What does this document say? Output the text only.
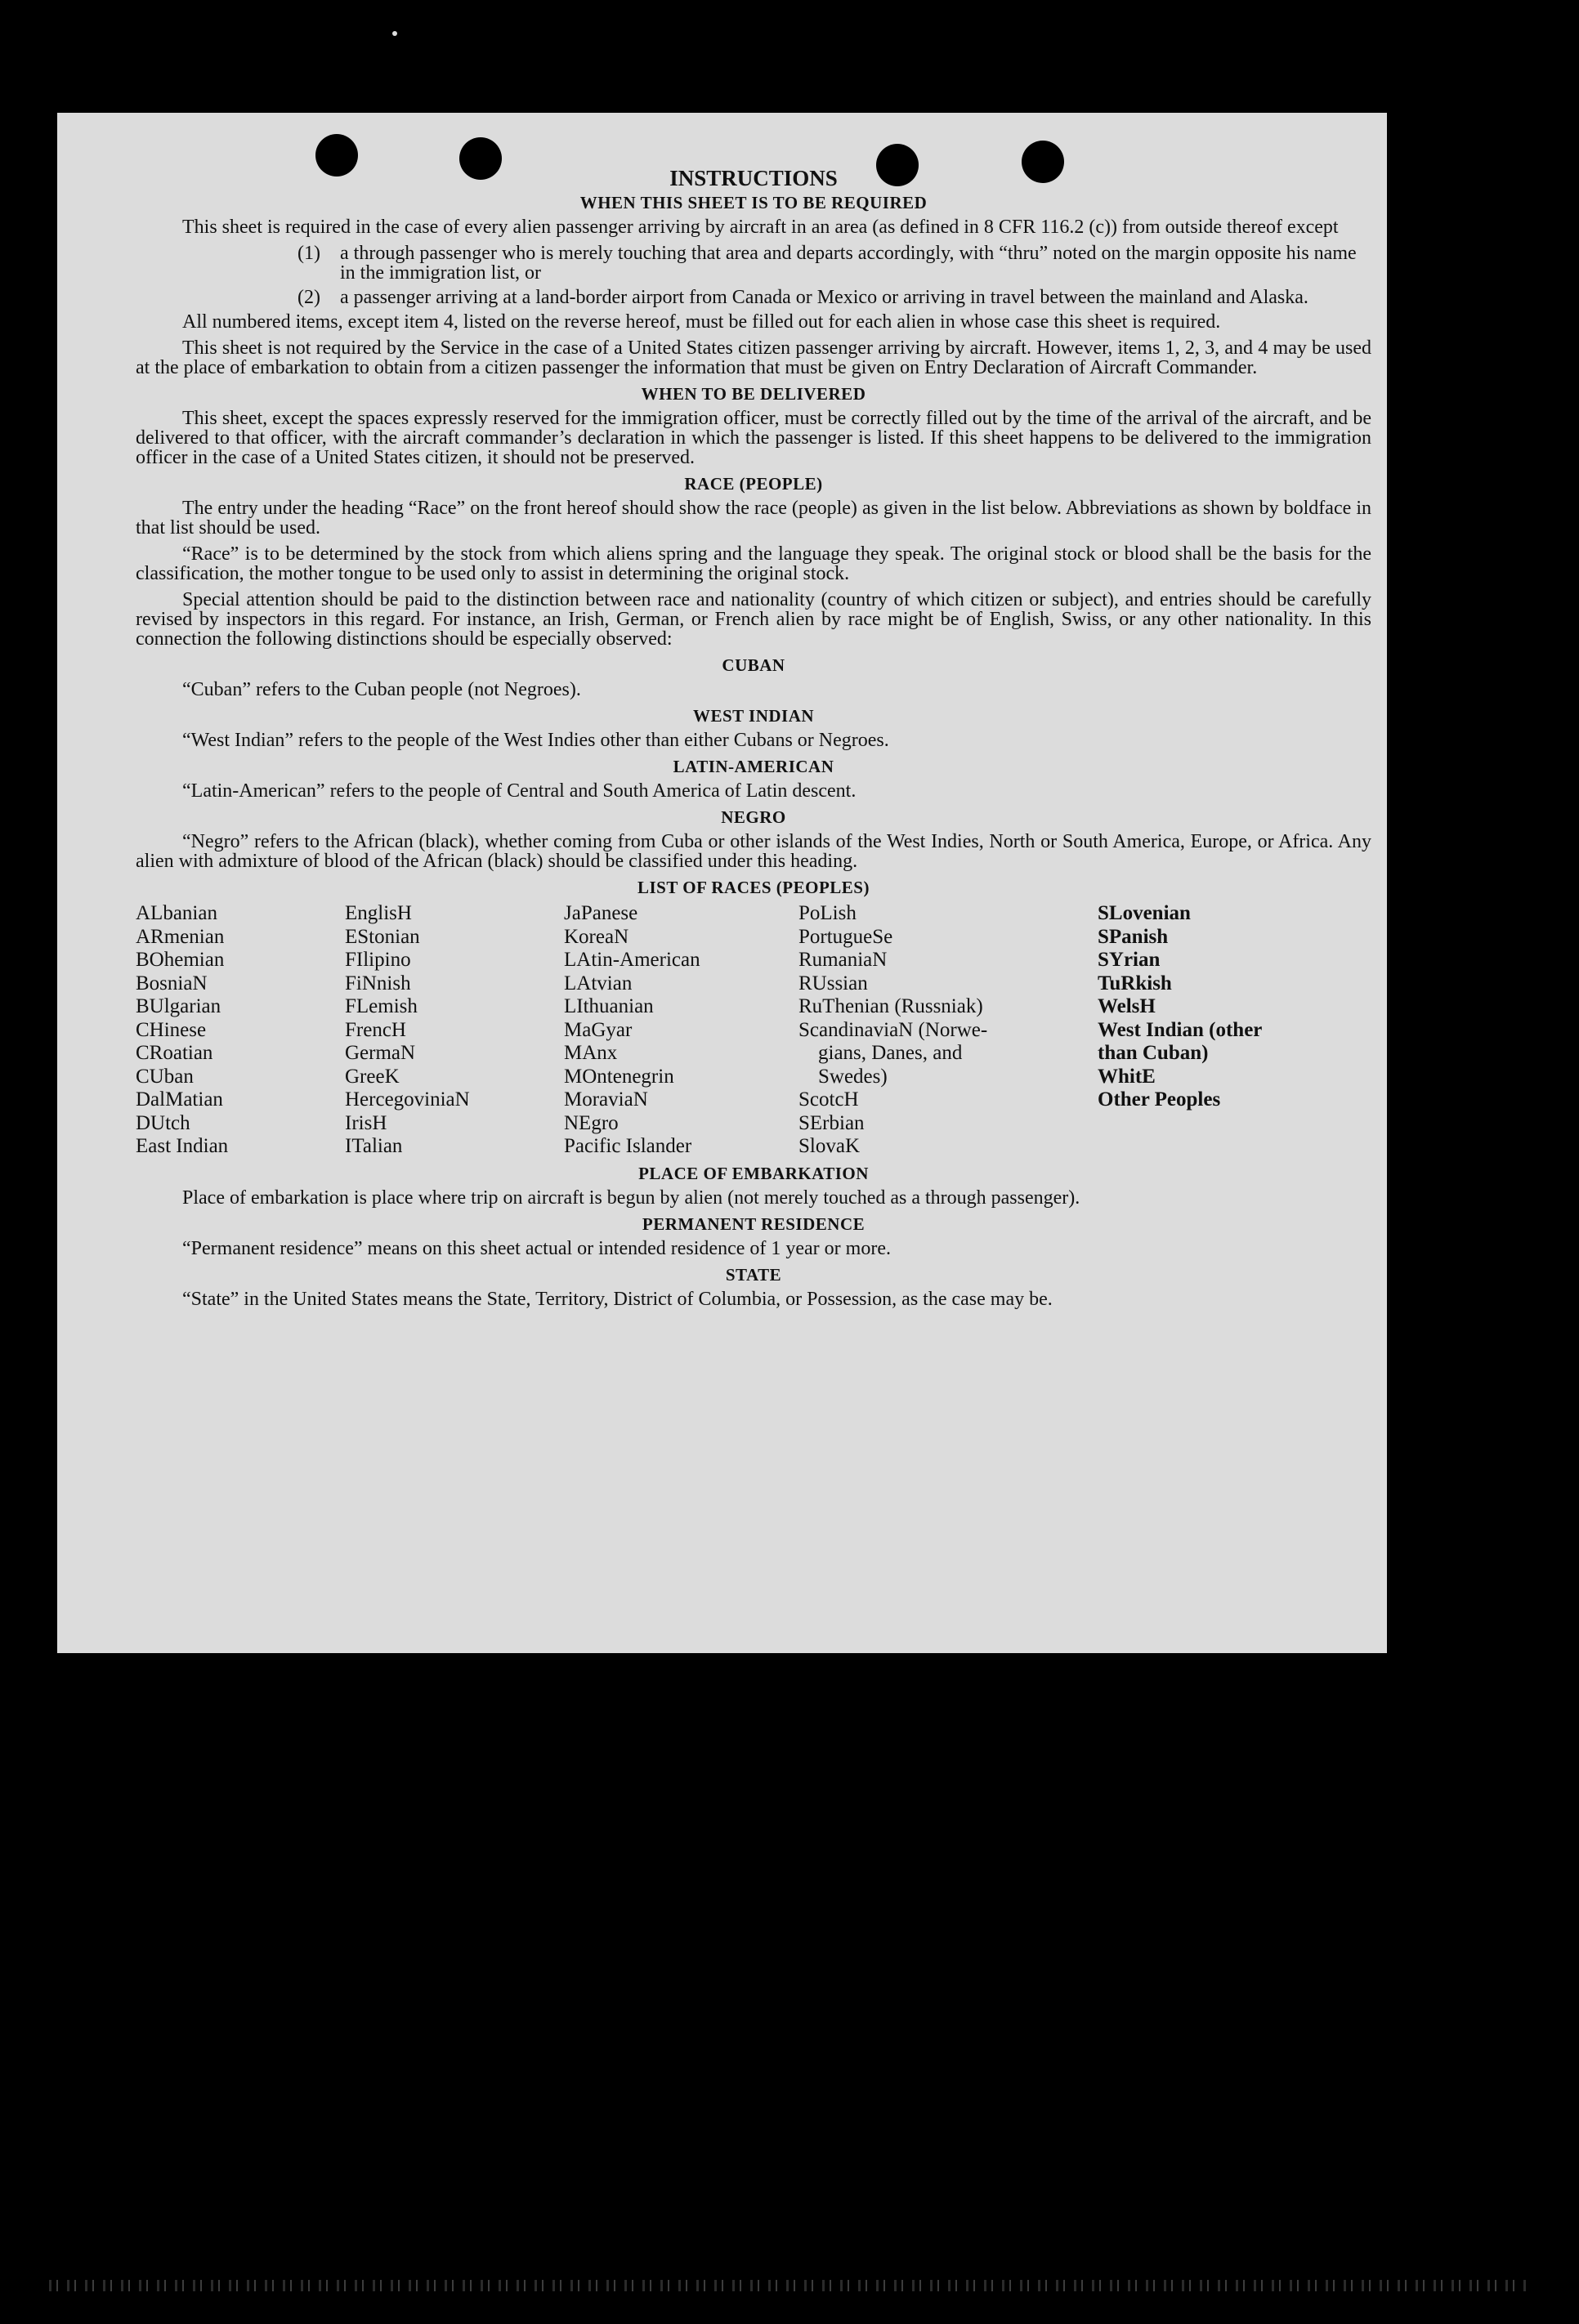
INSTRUCTIONS
WHEN THIS SHEET IS TO BE REQUIRED

This sheet is required in the case of every alien passenger arriving by aircraft in an area (as defined in 8 CFR 116.2 (c)) from outside thereof except

(1)	a through passenger who is merely touching that area and departs accordingly, with “thru” noted on the margin opposite his name in the immigration list, or
(2)	a passenger arriving at a land-border airport from Canada or Mexico or arriving in travel between the mainland and Alaska.

All numbered items, except item 4, listed on the reverse hereof, must be filled out for each alien in whose case this sheet is required.

This sheet is not required by the Service in the case of a United States citizen passenger arriving by aircraft. However, items 1, 2, 3, and 4 may be used at the place of embarkation to obtain from a citizen passenger the information that must be given on Entry Declaration of Aircraft Commander.

WHEN TO BE DELIVERED

This sheet, except the spaces expressly reserved for the immigration officer, must be correctly filled out by the time of the arrival of the aircraft, and be delivered to that officer, with the aircraft commander’s declaration in which the passenger is listed. If this sheet happens to be delivered to the immigration officer in the case of a United States citizen, it should not be preserved.

RACE (PEOPLE)

The entry under the heading “Race” on the front hereof should show the race (people) as given in the list below. Abbreviations as shown by boldface in that list should be used.

“Race” is to be determined by the stock from which aliens spring and the language they speak. The original stock or blood shall be the basis for the classification, the mother tongue to be used only to assist in determining the original stock.

Special attention should be paid to the distinction between race and nationality (country of which citizen or subject), and entries should be carefully revised by inspectors in this regard. For instance, an Irish, German, or French alien by race might be of English, Swiss, or any other nationality. In this connection the following distinctions should be especially observed:

CUBAN
“Cuban” refers to the Cuban people (not Negroes).
WEST INDIAN
“West Indian” refers to the people of the West Indies other than either Cubans or Negroes.
LATIN-AMERICAN
“Latin-American” refers to the people of Central and South America of Latin descent.
NEGRO

“Negro” refers to the African (black), whether coming from Cuba or other islands of the West Indies, North or South America, Europe, or Africa. Any alien with admixture of blood of the African (black) should be classified under this heading.

LIST OF RACES (PEOPLES)
ALbanian
ARmenian
BOhemian
BosniaN
BUlgarian
CHinese
CRoatian
CUban
DalMatian
DUtch
East Indian
EnglisH
EStonian
FIlipino
FiNnish
FLemish
FrencH
GermaN
GreeK
HercegoviniaN
IrisH
ITalian
JaPanese
KoreaN
LAtin-American
LAtvian
LIthuanian
MaGyar
MAnx
MOntenegrin
MoraviaN
NEgro
Pacific Islander
PoLish
PortugueSe
RumaniaN
RUssian
RuThenian (Russniak)
ScandinaviaN (Norwe-
gians, Danes, and
Swedes)
ScotcH
SErbian
SlovaK
SLovenian
SPanish
SYrian
TuRkish
WelsH
West Indian (other
than Cuban)
WhitE
Other Peoples
PLACE OF EMBARKATION

Place of embarkation is place where trip on aircraft is begun by alien (not merely touched as a through passenger).

PERMANENT RESIDENCE

“Permanent residence” means on this sheet actual or intended residence of 1 year or more.

STATE

“State” in the United States means the State, Territory, District of Columbia, or Possession, as the case may be.
